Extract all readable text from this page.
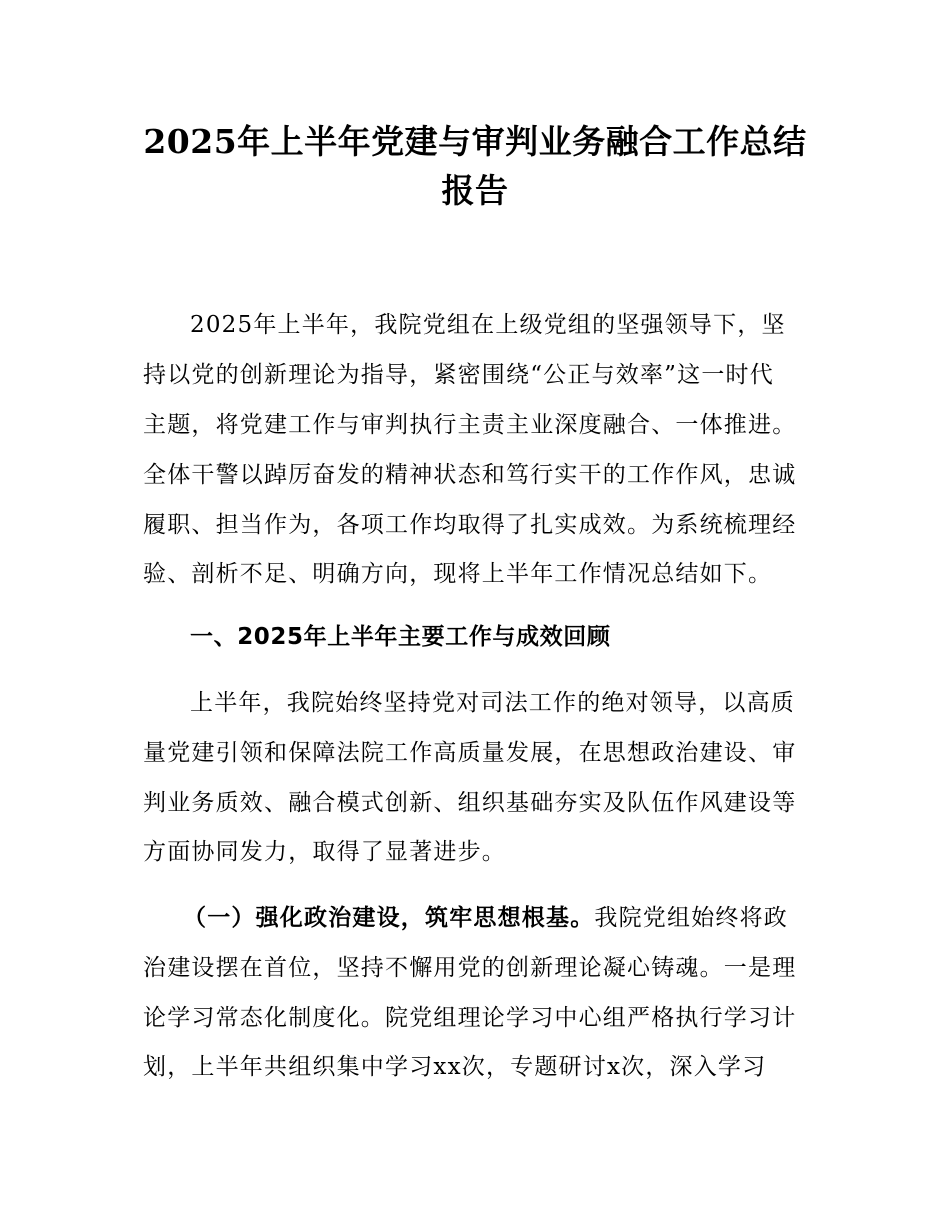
2025年上半年党建与审判业务融合工作总结
报告
2025年上半年，我院党组在上级党组的坚强领导下，坚
持以党的创新理论为指导，紧密围绕“公正与效率”这一时代
主题，将党建工作与审判执行主责主业深度融合、一体推进。
全体干警以踔厉奋发的精神状态和笃行实干的工作作风，忠诚
履职、担当作为，各项工作均取得了扎实成效。为系统梳理经
验、剖析不足、明确方向，现将上半年工作情况总结如下。
一、2025年上半年主要工作与成效回顾
上半年，我院始终坚持党对司法工作的绝对领导，以高质
量党建引领和保障法院工作高质量发展，在思想政治建设、审
判业务质效、融合模式创新、组织基础夯实及队伍作风建设等
方面协同发力，取得了显著进步。
（一）强化政治建设，筑牢思想根基。我院党组始终将政
治建设摆在首位，坚持不懈用党的创新理论凝心铸魂。一是理
论学习常态化制度化。院党组理论学习中心组严格执行学习计
划，上半年共组织集中学习xx次，专题研讨x次，深入学习
